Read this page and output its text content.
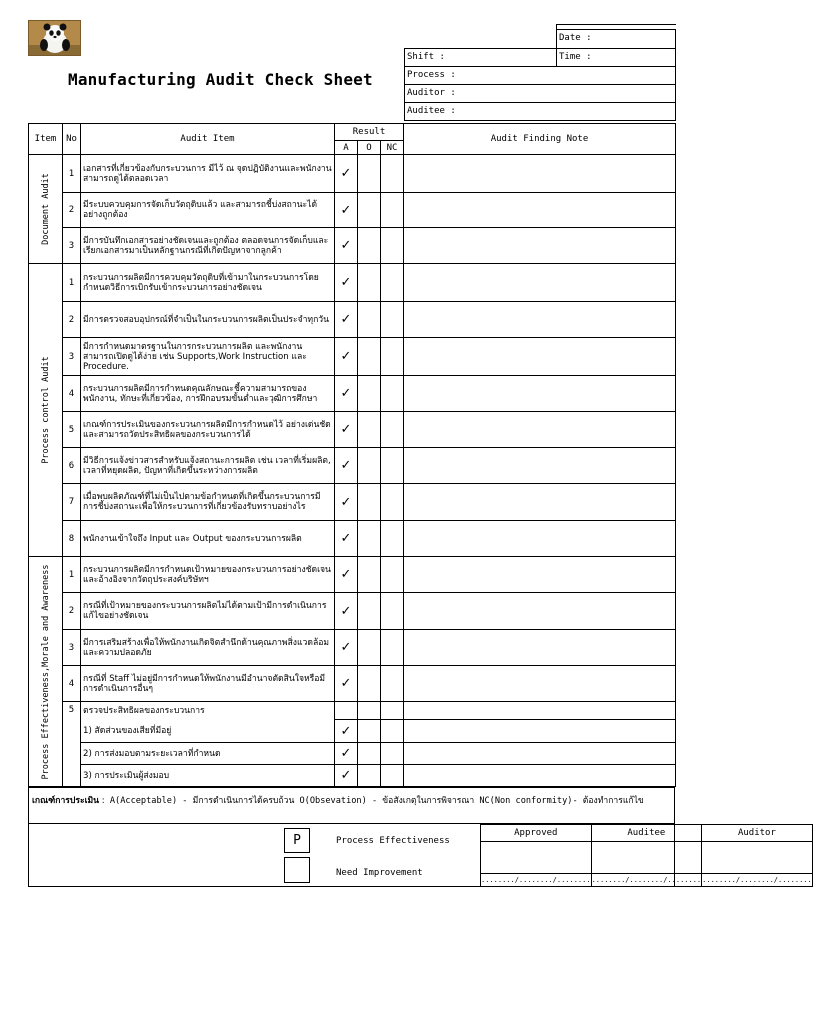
Manufacturing Audit Check Sheet
Date :
Shift :	Time :
Process :
Auditor :
Auditee :
Item	No	Audit Item	Result			Audit Finding Note
			A	O	NC	

Document Audit	1	เอกสารที่เกี่ยวข้องกับกระบวนการ มีไว้ ณ จุดปฏิบัติงานและพนักงานสามารถดูได้ตลอดเวลา	✓			
	2	มีระบบควบคุมการจัดเก็บวัตถุดิบแล้ว และสามารถชี้บ่งสถานะได้อย่างถูกต้อง	✓			
	3	มีการบันทึกเอกสารอย่างชัดเจนและถูกต้อง ตลอดจนการจัดเก็บและเรียกเอกสารมาเป็นหลักฐานกรณีที่เกิดปัญหาจากลูกค้า	✓			

Process control Audit	1	กระบวนการผลิตมีการควบคุมวัตถุดิบที่เข้ามาในกระบวนการโดยกำหนดวิธีการเบิกรับเข้ากระบวนการอย่างชัดเจน	✓			
	2	มีการตรวจสอบอุปกรณ์ที่จำเป็นในกระบวนการผลิตเป็นประจำทุกวัน	✓			
	3	มีการกำหนดมาตรฐานในการกระบวนการผลิต และพนักงานสามารถเปิดดูได้ง่าย เช่น Supports,Work Instruction และ Procedure.	✓			
	4	กระบวนการผลิตมีการกำหนดคุณลักษณะชี้ความสามารถของพนักงาน, ทักษะที่เกี่ยวข้อง, การฝึกอบรมขั้นต่ำและวุฒิการศึกษา	✓			
	5	เกณฑ์การประเมินของกระบวนการผลิตมีการกำหนดไว้ อย่างเด่นชัดและสามารถวัดประสิทธิผลของกระบวนการได้	✓			
	6	มีวิธีการแจ้งข่าวสารสำหรับแจ้งสถานะการผลิต เช่น เวลาที่เริ่มผลิต, เวลาที่หยุดผลิต, ปัญหาที่เกิดขึ้นระหว่างการผลิต	✓			
	7	เมื่อพบผลิตภัณฑ์ที่ไม่เป็นไปตามข้อกำหนดที่เกิดขึ้นกระบวนการมีการชี้บ่งสถานะเพื่อให้กระบวนการที่เกี่ยวข้องรับทราบอย่างไร	✓			
	8	พนักงานเข้าใจถึง Input และ Output ของกระบวนการผลิต	✓			

Process Effectiveness,Morale and Awareness	1	กระบวนการผลิตมีการกำหนดเป้าหมายของกระบวนการอย่างชัดเจนและอ้างอิงจากวัตถุประสงค์บริษัทฯ	✓			
	2	กรณีที่เป้าหมายของกระบวนการผลิตไม่ได้ตามเป้ามีการดำเนินการแก้ไขอย่างชัดเจน	✓			
	3	มีการเสริมสร้างเพื่อให้พนักงานเกิดจิตสำนึกด้านคุณภาพสิ่งแวดล้อมและความปลอดภัย	✓			
	4	กรณีที่ Staff ไม่อยู่มีการกำหนดให้พนักงานมีอำนาจตัดสินใจหรือมีการดำเนินการอื่นๆ	✓			
	5	ตรวจประสิทธิผลของกระบวนการ				
		1) สัดส่วนของเสียที่มีอยู่	✓			
		2) การส่งมอบตามระยะเวลาที่กำหนด	✓			
		3) การประเมินผู้ส่งมอบ	✓			
เกณฑ์การประเมิน : A(Acceptable) - มีการดำเนินการได้ครบถ้วน O(Obsevation) - ข้อสังเกตุในการพิจารณา NC(Non conformity)- ต้องทำการแก้ไข
P	Process Effectiveness
Need Improvement
Approved	Auditee	Auditor

......../......../........	......../......../........	......../......../........
